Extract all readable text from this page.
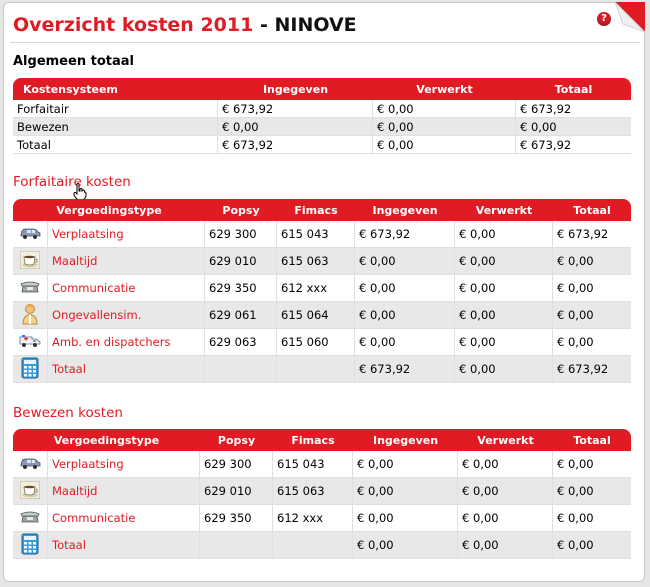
?
Overzicht kosten 2011 - NINOVE
Algemeen totaal
Kostensysteem	Ingegeven	Verwerkt	Totaal
Forfaitair	€ 673,92	€ 0,00	€ 673,92
Bewezen	€ 0,00	€ 0,00	€ 0,00
Totaal	€ 673,92	€ 0,00	€ 673,92
Forfaitaire kosten
Vergoedingstype		Popsy	Fimacs	Ingegeven	Verwerkt	Totaal
	Verplaatsing	629 300	615 043	€ 673,92	€ 0,00	€ 673,92
	Maaltijd	629 010	615 063	€ 0,00	€ 0,00	€ 0,00
	Communicatie	629 350	612 xxx	€ 0,00	€ 0,00	€ 0,00
	Ongevallensim.	629 061	615 064	€ 0,00	€ 0,00	€ 0,00
	Amb. en dispatchers	629 063	615 060	€ 0,00	€ 0,00	€ 0,00
	Totaal			€ 673,92	€ 0,00	€ 673,92
Bewezen kosten
Vergoedingstype		Popsy	Fimacs	Ingegeven	Verwerkt	Totaal
	Verplaatsing	629 300	615 043	€ 0,00	€ 0,00	€ 0,00
	Maaltijd	629 010	615 063	€ 0,00	€ 0,00	€ 0,00
	Communicatie	629 350	612 xxx	€ 0,00	€ 0,00	€ 0,00
	Totaal			€ 0,00	€ 0,00	€ 0,00
